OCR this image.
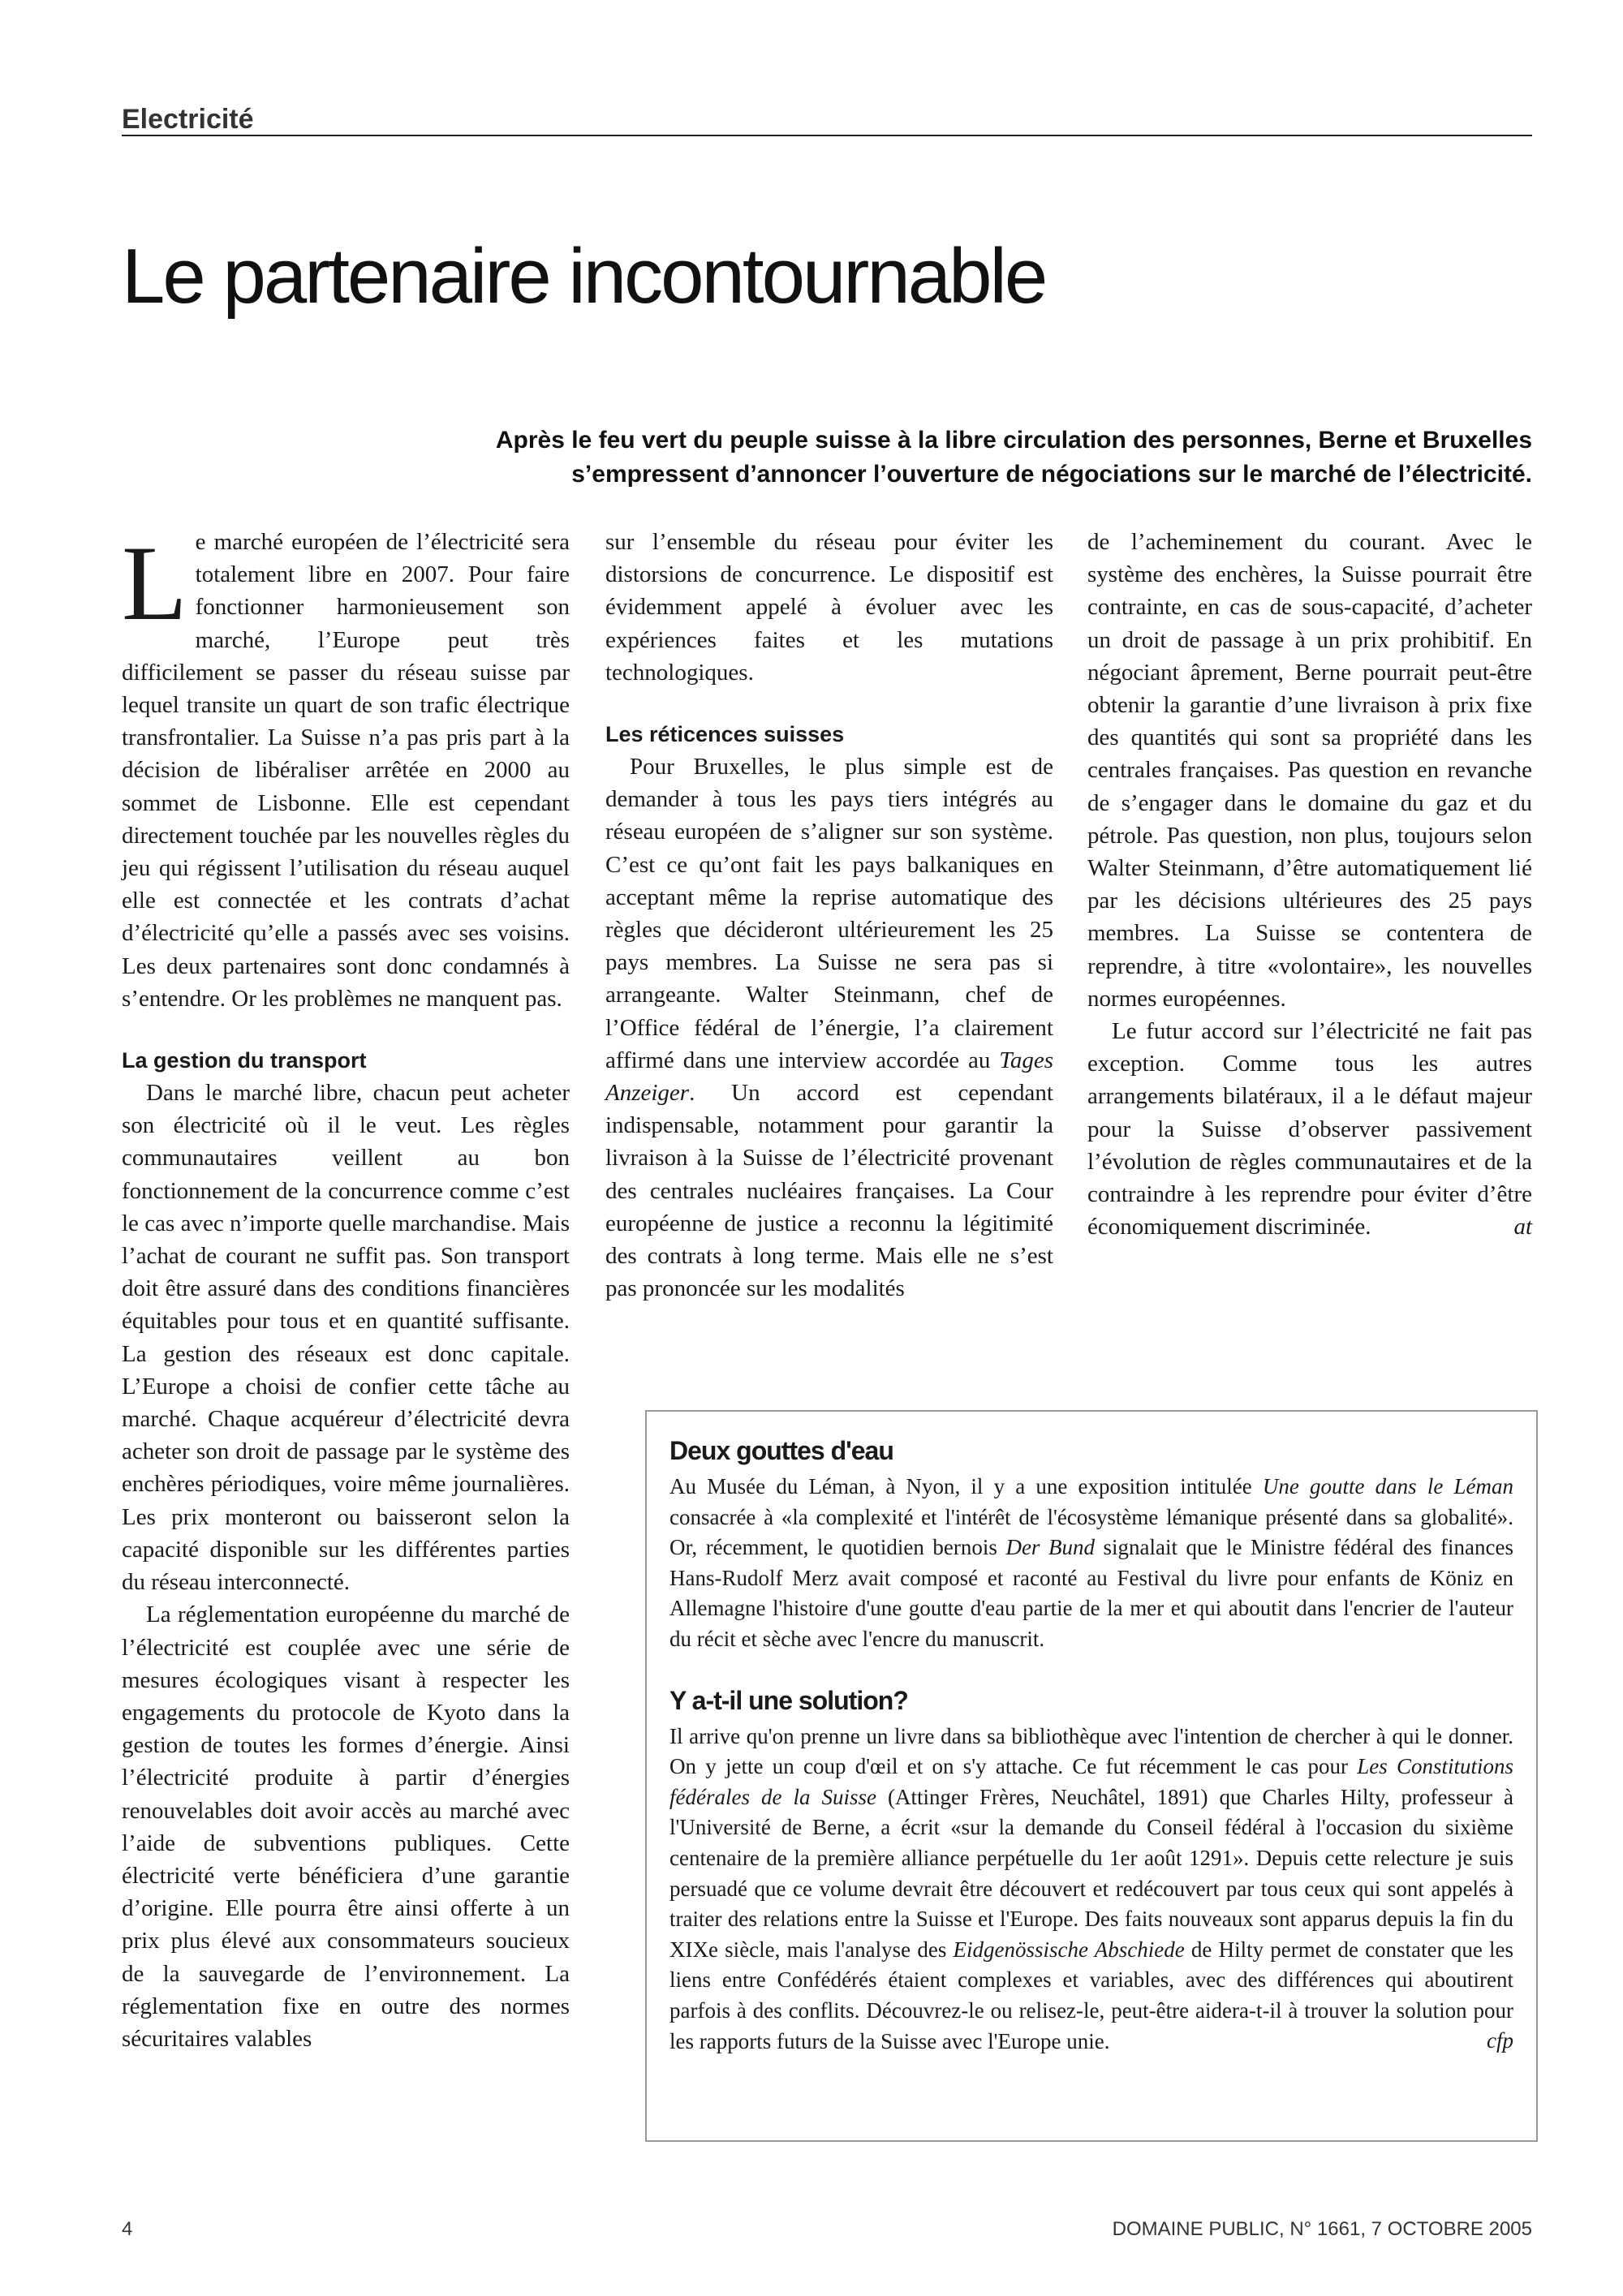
Electricité
Le partenaire incontournable
Après le feu vert du peuple suisse à la libre circulation des personnes, Berne et Bruxelles
s’empressent d’annoncer l’ouverture de négociations sur le marché de l’électricité.

Le marché européen de l’électricité sera totalement libre en 2007. Pour faire fonctionner harmonieusement son marché, l’Europe peut très difficilement se passer du réseau suisse par lequel transite un quart de son trafic électrique transfrontalier. La Suisse n’a pas pris part à la décision de libéraliser arrêtée en 2000 au sommet de Lisbonne. Elle est cependant directement touchée par les nouvelles règles du jeu qui régissent l’utilisation du réseau auquel elle est connectée et les contrats d’achat d’électricité qu’elle a passés avec ses voisins. Les deux partenaires sont donc condamnés à s’entendre. Or les problèmes ne manquent pas.

La gestion du transport

Dans le marché libre, chacun peut acheter son électricité où il le veut. Les règles communautaires veillent au bon fonctionnement de la concurrence comme c’est le cas avec n’importe quelle marchandise. Mais l’achat de courant ne suffit pas. Son transport doit être assuré dans des conditions financières équitables pour tous et en quantité suffisante. La gestion des réseaux est donc capitale. L’Europe a choisi de confier cette tâche au marché. Chaque acquéreur d’électricité devra acheter son droit de passage par le système des enchères périodiques, voire même journalières. Les prix monteront ou baisseront selon la capacité disponible sur les différentes parties du réseau interconnecté.

La réglementation européenne du marché de l’électricité est couplée avec une série de mesures écologiques visant à respecter les engagements du protocole de Kyoto dans la gestion de toutes les formes d’énergie. Ainsi l’électricité produite à partir d’énergies renouvelables doit avoir accès au marché avec l’aide de subventions publiques. Cette électricité verte bénéficiera d’une garantie d’origine. Elle pourra être ainsi offerte à un prix plus élevé aux consommateurs soucieux de la sauvegarde de l’environnement. La réglementation fixe en outre des normes sécuritaires valables

sur l’ensemble du réseau pour éviter les distorsions de concurrence. Le dispositif est évidemment appelé à évoluer avec les expériences faites et les mutations technologiques.

Les réticences suisses

Pour Bruxelles, le plus simple est de demander à tous les pays tiers intégrés au réseau européen de s’aligner sur son système. C’est ce qu’ont fait les pays balkaniques en acceptant même la reprise automatique des règles que décideront ultérieurement les 25 pays membres. La Suisse ne sera pas si arrangeante. Walter Steinmann, chef de l’Office fédéral de l’énergie, l’a clairement affirmé dans une interview accordée au Tages Anzeiger. Un accord est cependant indispensable, notamment pour garantir la livraison à la Suisse de l’électricité provenant des centrales nucléaires françaises. La Cour européenne de justice a reconnu la légitimité des contrats à long terme. Mais elle ne s’est pas prononcée sur les modalités

de l’acheminement du courant. Avec le système des enchères, la Suisse pourrait être contrainte, en cas de sous-capacité, d’acheter un droit de passage à un prix prohibitif. En négociant âprement, Berne pourrait peut-être obtenir la garantie d’une livraison à prix fixe des quantités qui sont sa propriété dans les centrales françaises. Pas question en revanche de s’engager dans le domaine du gaz et du pétrole. Pas question, non plus, toujours selon Walter Steinmann, d’être automatiquement lié par les décisions ultérieures des 25 pays membres. La Suisse se contentera de reprendre, à titre «volontaire», les nouvelles normes européennes.

Le futur accord sur l’électricité ne fait pas exception. Comme tous les autres arrangements bilatéraux, il a le défaut majeur pour la Suisse d’observer passivement l’évolution de règles communautaires et de la contraindre à les reprendre pour éviter d’être économiquement discriminée.	at
Deux gouttes d'eau

Au Musée du Léman, à Nyon, il y a une exposition intitulée Une goutte dans le Léman consacrée à «la complexité et l'intérêt de l'écosystème lémanique présenté dans sa globalité». Or, récemment, le quotidien bernois Der Bund signalait que le Ministre fédéral des finances Hans-Rudolf Merz avait composé et raconté au Festival du livre pour enfants de Köniz en Allemagne l'histoire d'une goutte d'eau partie de la mer et qui aboutit dans l'encrier de l'auteur du récit et sèche avec l'encre du manuscrit.

Y a-t-il une solution?

Il arrive qu'on prenne un livre dans sa bibliothèque avec l'intention de chercher à qui le donner. On y jette un coup d'œil et on s'y attache. Ce fut récemment le cas pour Les Constitutions fédérales de la Suisse (Attinger Frères, Neuchâtel, 1891) que Charles Hilty, professeur à l'Université de Berne, a écrit «sur la demande du Conseil fédéral à l'occasion du sixième centenaire de la première alliance perpétuelle du 1er août 1291». Depuis cette relecture je suis persuadé que ce volume devrait être découvert et redécouvert par tous ceux qui sont appelés à traiter des relations entre la Suisse et l'Europe. Des faits nouveaux sont apparus depuis la fin du XIXe siècle, mais l'analyse des Eidgenössische Abschiede de Hilty permet de constater que les liens entre Confédérés étaient complexes et variables, avec des différences qui aboutirent parfois à des conflits. Découvrez-le ou relisez-le, peut-être aidera-t-il à trouver la solution pour les rapports futurs de la Suisse avec l'Europe unie.	cfp
4	DOMAINE PUBLIC, N° 1661, 7 OCTOBRE 2005
